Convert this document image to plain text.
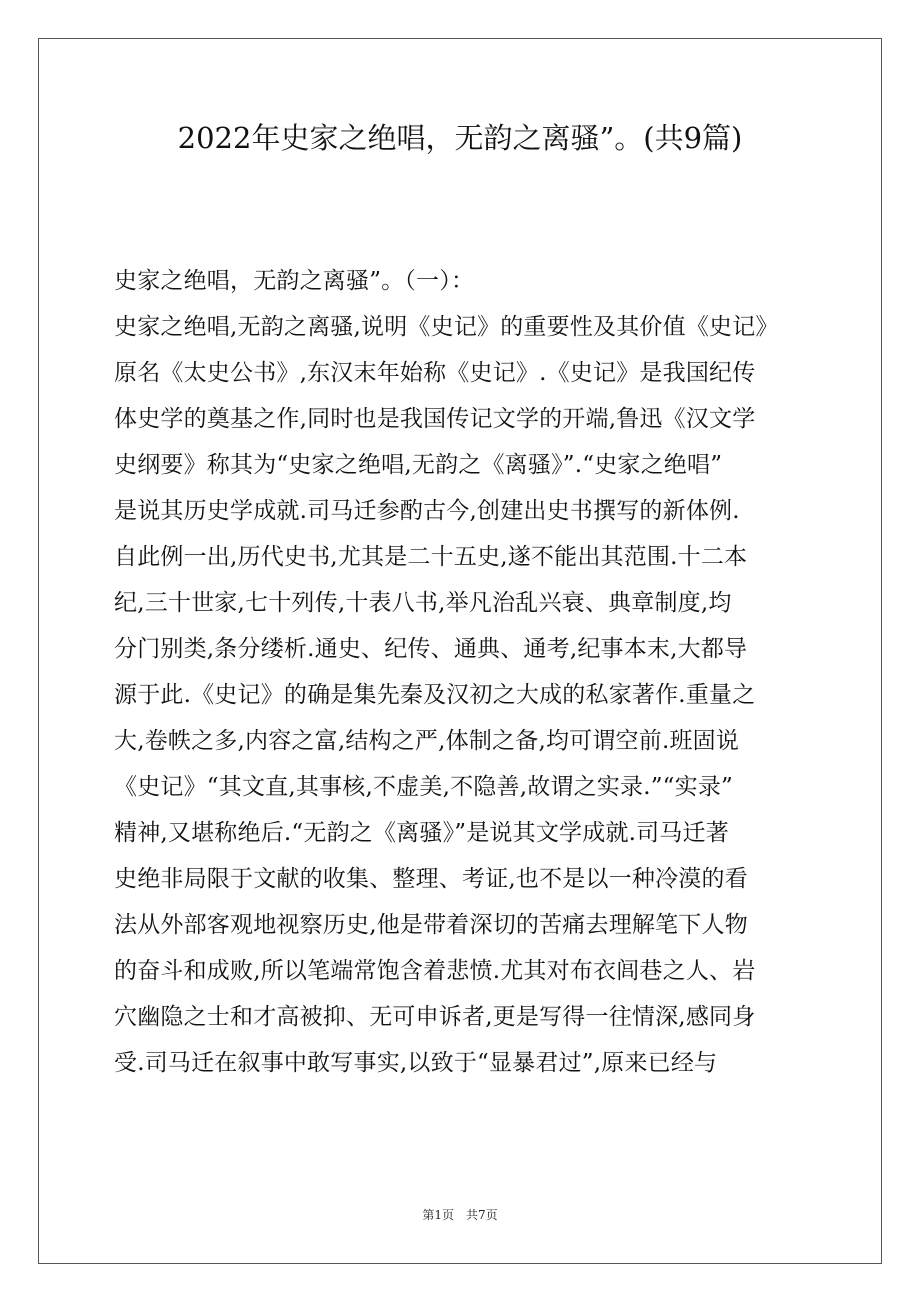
2022年史家之绝唱，无韵之离骚”。(共9篇)
史家之绝唱，无韵之离骚”。（一）：
史家之绝唱,无韵之离骚,说明《史记》的重要性及其价值《史记》
原名《太史公书》,东汉末年始称《史记》.《史记》是我国纪传
体史学的奠基之作,同时也是我国传记文学的开端,鲁迅《汉文学
史纲要》称其为“史家之绝唱,无韵之《离骚》”.“史家之绝唱”
是说其历史学成就.司马迁参酌古今,创建出史书撰写的新体例.
自此例一出,历代史书,尤其是二十五史,遂不能出其范围.十二本
纪,三十世家,七十列传,十表八书,举凡治乱兴衰、典章制度,均
分门别类,条分缕析.通史、纪传、通典、通考,纪事本末,大都导
源于此.《史记》的确是集先秦及汉初之大成的私家著作.重量之
大,卷帙之多,内容之富,结构之严,体制之备,均可谓空前.班固说
《史记》“其文直,其事核,不虚美,不隐善,故谓之实录.”“实录”
精神,又堪称绝后.“无韵之《离骚》”是说其文学成就.司马迁著
史绝非局限于文献的收集、整理、考证,也不是以一种冷漠的看
法从外部客观地视察历史,他是带着深切的苦痛去理解笔下人物
的奋斗和成败,所以笔端常饱含着悲愤.尤其对布衣闾巷之人、岩
穴幽隐之士和才高被抑、无可申诉者,更是写得一往情深,感同身
受.司马迁在叙事中敢写事实,以致于“显暴君过”,原来已经与
第1页　共7页
